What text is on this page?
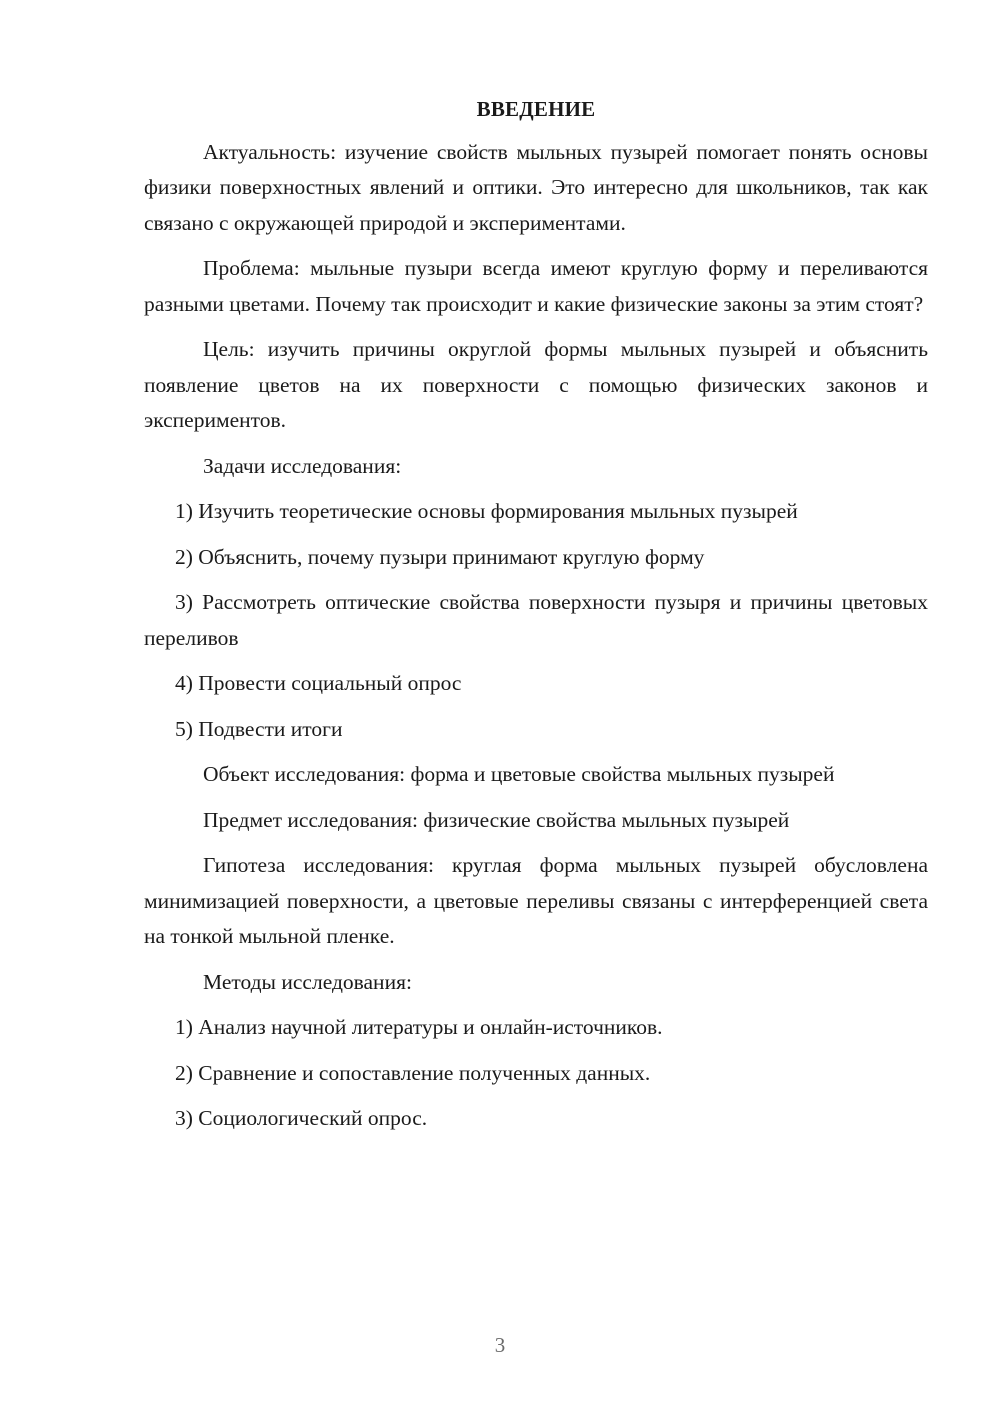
ВВЕДЕНИЕ

Актуальность: изучение свойств мыльных пузырей помогает понять основы физики поверхностных явлений и оптики. Это интересно для школьников, так как связано с окружающей природой и экспериментами.

Проблема: мыльные пузыри всегда имеют круглую форму и переливаются разными цветами. Почему так происходит и какие физические законы за этим стоят?

Цель: изучить причины округлой формы мыльных пузырей и объяснить появление цветов на их поверхности с помощью физических законов и экспериментов.

Задачи исследования:

1) Изучить теоретические основы формирования мыльных пузырей

2) Объяснить, почему пузыри принимают круглую форму

3) Рассмотреть оптические свойства поверхности пузыря и причины цветовых переливов

4) Провести социальный опрос

5) Подвести итоги

Объект исследования: форма и цветовые свойства мыльных пузырей

Предмет исследования: физические свойства мыльных пузырей

Гипотеза исследования: круглая форма мыльных пузырей обусловлена минимизацией поверхности, а цветовые переливы связаны с интерференцией света на тонкой мыльной пленке.

Методы исследования:

1) Анализ научной литературы и онлайн-источников.

2) Сравнение и сопоставление полученных данных.

3) Социологический опрос.

3
